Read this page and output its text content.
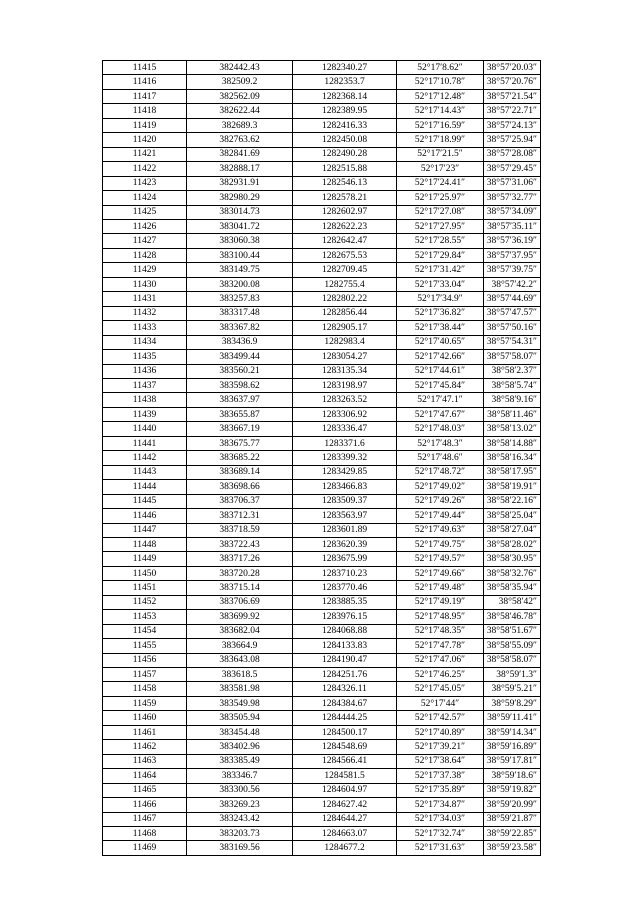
11415	382442.43	1282340.27	52°17′8.62″	38°57′20.03″
11416	382509.2	1282353.7	52°17′10.78″	38°57′20.76″
11417	382562.09	1282368.14	52°17′12.48″	38°57′21.54″
11418	382622.44	1282389.95	52°17′14.43″	38°57′22.71″
11419	382689.3	1282416.33	52°17′16.59″	38°57′24.13″
11420	382763.62	1282450.08	52°17′18.99″	38°57′25.94″
11421	382841.69	1282490.28	52°17′21.5″	38°57′28.08″
11422	382888.17	1282515.88	52°17′23″	38°57′29.45″
11423	382931.91	1282546.13	52°17′24.41″	38°57′31.06″
11424	382980.29	1282578.21	52°17′25.97″	38°57′32.77″
11425	383014.73	1282602.97	52°17′27.08″	38°57′34.09″
11426	383041.72	1282622.23	52°17′27.95″	38°57′35.11″
11427	383060.38	1282642.47	52°17′28.55″	38°57′36.19″
11428	383100.44	1282675.53	52°17′29.84″	38°57′37.95″
11429	383149.75	1282709.45	52°17′31.42″	38°57′39.75″
11430	383200.08	1282755.4	52°17′33.04″	38°57′42.2″
11431	383257.83	1282802.22	52°17′34.9″	38°57′44.69″
11432	383317.48	1282856.44	52°17′36.82″	38°57′47.57″
11433	383367.82	1282905.17	52°17′38.44″	38°57′50.16″
11434	383436.9	1282983.4	52°17′40.65″	38°57′54.31″
11435	383499.44	1283054.27	52°17′42.66″	38°57′58.07″
11436	383560.21	1283135.34	52°17′44.61″	38°58′2.37″
11437	383598.62	1283198.97	52°17′45.84″	38°58′5.74″
11438	383637.97	1283263.52	52°17′47.1″	38°58′9.16″
11439	383655.87	1283306.92	52°17′47.67″	38°58′11.46″
11440	383667.19	1283336.47	52°17′48.03″	38°58′13.02″
11441	383675.77	1283371.6	52°17′48.3″	38°58′14.88″
11442	383685.22	1283399.32	52°17′48.6″	38°58′16.34″
11443	383689.14	1283429.85	52°17′48.72″	38°58′17.95″
11444	383698.66	1283466.83	52°17′49.02″	38°58′19.91″
11445	383706.37	1283509.37	52°17′49.26″	38°58′22.16″
11446	383712.31	1283563.97	52°17′49.44″	38°58′25.04″
11447	383718.59	1283601.89	52°17′49.63″	38°58′27.04″
11448	383722.43	1283620.39	52°17′49.75″	38°58′28.02″
11449	383717.26	1283675.99	52°17′49.57″	38°58′30.95″
11450	383720.28	1283710.23	52°17′49.66″	38°58′32.76″
11451	383715.14	1283770.46	52°17′49.48″	38°58′35.94″
11452	383706.69	1283885.35	52°17′49.19″	38°58′42″
11453	383699.92	1283976.15	52°17′48.95″	38°58′46.78″
11454	383682.04	1284068.88	52°17′48.35″	38°58′51.67″
11455	383664.9	1284133.83	52°17′47.78″	38°58′55.09″
11456	383643.08	1284190.47	52°17′47.06″	38°58′58.07″
11457	383618.5	1284251.76	52°17′46.25″	38°59′1.3″
11458	383581.98	1284326.11	52°17′45.05″	38°59′5.21″
11459	383549.98	1284384.67	52°17′44″	38°59′8.29″
11460	383505.94	1284444.25	52°17′42.57″	38°59′11.41″
11461	383454.48	1284500.17	52°17′40.89″	38°59′14.34″
11462	383402.96	1284548.69	52°17′39.21″	38°59′16.89″
11463	383385.49	1284566.41	52°17′38.64″	38°59′17.81″
11464	383346.7	1284581.5	52°17′37.38″	38°59′18.6″
11465	383300.56	1284604.97	52°17′35.89″	38°59′19.82″
11466	383269.23	1284627.42	52°17′34.87″	38°59′20.99″
11467	383243.42	1284644.27	52°17′34.03″	38°59′21.87″
11468	383203.73	1284663.07	52°17′32.74″	38°59′22.85″
11469	383169.56	1284677.2	52°17′31.63″	38°59′23.58″
